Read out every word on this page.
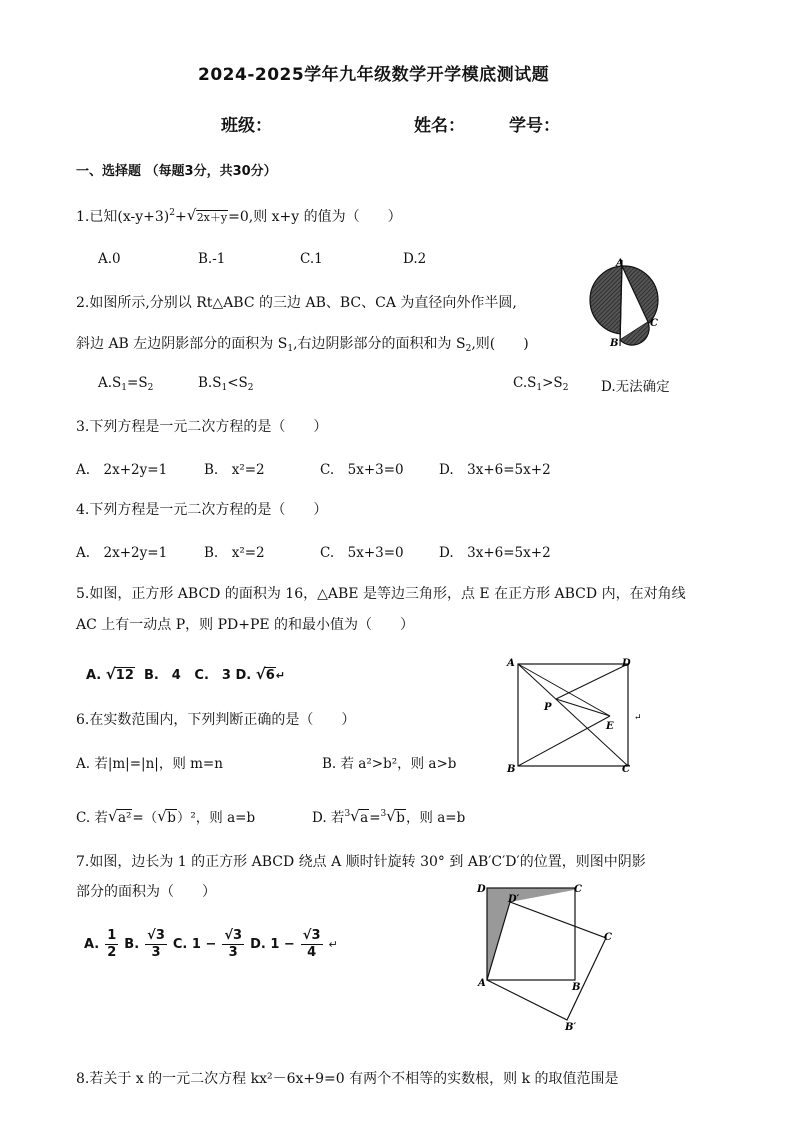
2024-2025学年九年级数学开学模底测试题
班级：	姓名：	学号：
一、选择题 （每题3分，共30分）
1.已知$(x-y+3)^2+$ √ 2x＋y=0,则 x+y 的值为（　　）
A.0	B.-1	C.1	D.2
2.如图所示,分别以 Rt△ABC 的三边 AB、BC、CA 为直径向外作半圆,
斜边 AB 左边阴影部分的面积为 $S_1$,右边阴影部分的面积和为 $S_2$,则(　　)
$A.S_1=S_2$	$B.S_1<S_2$	$C.S_1>S_2$ D.无法确定
A
B
C
3.下列方程是一元二次方程的是（　　）
A.　2x+2y=1	B.　x²=2	C.　5x+3=0	D.　3x+6=5x+2
4.下列方程是一元二次方程的是（　　）
A.　2x+2y=1	B.　x²=2	C.　5x+3=0	D.　3x+6=5x+2
5.如图，正方形 ABCD 的面积为 16，△ABE 是等边三角形，点 E 在正方形 ABCD 内，在对角线
AC 上有一动点 P，则 PD+PE 的和最小值为（　　）
A. √ 12 B.　4 C.　3 D. √ 6↵
A	D
P
E
B	C
↵
6.在实数范围内，下列判断正确的是（　　）
A. 若|m|=|n|，则 m=n	B. 若 a²>b²，则 a>b
C. 若 √ a²=（ √ b）²，则 a=b	D. 若$^3$ √ a=$^3$ √ b，则 a=b
7.如图，边长为 1 的正方形 ABCD 绕点 A 顺时针旋转 30° 到 AB′C′D′的位置，则图中阴影
部分的面积为（　　）
A. $\frac{1}{2} B$. $\frac{√3}{3} C$. $1 - \frac{√3}{3} D$. $1 - \frac{√3}{4}$ ↵
D	C
D′
C
A	B
B′
8.若关于 x 的一元二次方程 kx²－6x+9=0 有两个不相等的实数根，则 k 的取值范围是
